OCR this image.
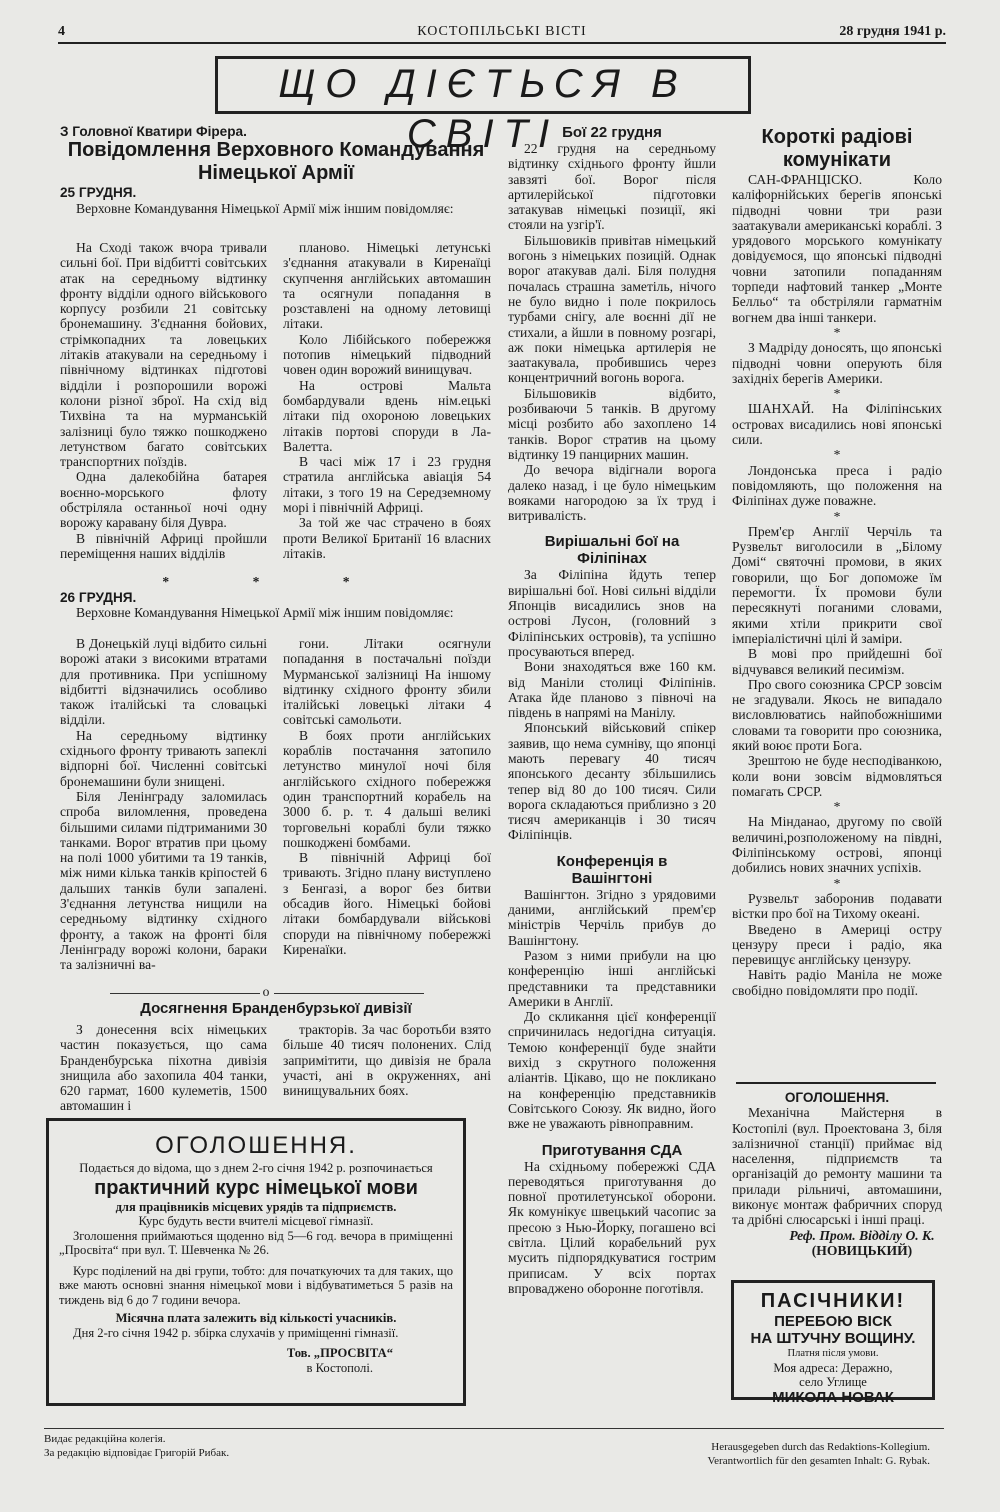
4	КОСТОПІЛЬСЬКІ ВІСТІ	28 грудня 1941 р.
ЩО ДІЄТЬСЯ В СВІТІ
З Головної Кватири Фірера.
Повідомлення Верховного Командування Німецької Армії
25 ГРУДНЯ.

Верховне Командування Німецької Армії між іншим повідомляє:

На Сході також вчора тривали сильні бої. При відбитті совітських атак на середньому відтинку фронту відділи одного військового корпусу розбили 21 совітську бронемашину. З'єднання бойових, стрімкопадних та ловецьких літаків атакували на середньому і північному відтинках підготові відділи і розпорошили ворожі колони різної зброї. На схід від Тихвіна та на мурманській залізниці було тяжко пошкоджено летунством багато совітських транспортних поїздів.

Одна далекобійна батарея воєнно-морського флоту обстріляла останньої ночі одну ворожу каравану біля Дувра.

В північній Африці пройшли переміщення наших відділів

планово. Німецькі летунські з'єднання атакували в Киренаїці скупчення англійських автомашин та осягнули попадання в розставлені на одному летовищі літаки.

Коло Лібійського побережжя потопив німецький підводний човен один ворожий винищувач.

На острові Мальта бомбардували вдень нім.ецькі літаки під охороною ловецьких літаків портові споруди в Ла-Валетта.

В часі між 17 і 23 грудня стратила англійська авіація 54 літаки, з того 19 на Середземному морі і північній Африці.

За той же час страчено в боях проти Великої Британії 16 власних літаків.

* * *
26 ГРУДНЯ.

Верховне Командування Німецької Армії між іншим повідомляє:

В Донецькій луці відбито сильні ворожі атаки з високими втратами для противника. При успішному відбитті відзначились особливо також італійські та словацькі відділи.

На середньому відтинку східнього фронту тривають запеклі відпорні бої. Численні совітські бронемашини були знищені.

Біля Ленінграду заломилась спроба виломлення, проведена більшими силами підтриманими 30 танками. Ворог втратив при цьому на полі 1000 убитими та 19 танків, між ними кілька танків кріпостей 6 дальших танків були запалені. З'єднання летунства нищили на середньому відтинку східного фронту, а також на фронті біля Ленінграду ворожі колони, бараки та залізничні ва-

гони. Літаки осягнули попадання в постачальні поїзди Мурманської залізниці На іншому відтинку східного фронту збили італійські ловецькі літаки 4 совітські самольоти.

В боях проти англійських кораблів постачання затопило летунство минулої ночі біля англійського східного побережжя один транспортний корабель на 3000 б. р. т. 4 дальші великі торговельні кораблі були тяжко пошкоджені бомбами.

В північній Африці бої тривають. Згідно плану виступлено з Бенгазі, а ворог без битви обсадив його. Німецькі бойові літаки бомбардували військові споруди на північному побережжі Киренаїки.

o
Досягнення Бранденбурзької дивізії

З донесення всіх німецьких частин показується, що сама Бранденбурська піхотна дивізія знищила або захопила 404 танки, 620 гармат, 1600 кулеметів, 1500 автомашин і

тракторів. За час боротьби взято більше 40 тисяч полонених. Слід запримітити, що дивізія не брала участі, ані в окруженнях, ані винищувальних боях.

ОГОЛОШЕННЯ.

Подається до відома, що з днем 2-го січня 1942 р. розпочинається

практичний курс німецької мови

для працівників місцевих урядів та підприємств.

Курс будуть вести вчителі місцевої гімназії.

Зголошення приймаються щоденно від 5—6 год. вечора в приміщенні „Просвіта“ при вул. Т. Шевченка № 26.

Курс поділений на дві групи, тобто: для початкуючих та для таких, що вже мають основні знання німецької мови і відбуватиметься 5 разів на тиждень від 6 до 7 години вечора.

Місячна плата залежить від кількості учасників.

Дня 2-го січня 1942 р. збірка слухачів у приміщенні гімназії.

Тов. „ПРОСВІТА“

в Костополі.

Бої 22 грудня

22 грудня на середньому відтинку східнього фронту йшли завзяті бої. Ворог після артилерійської підготовки затакував німецькі позиції, які стояли на узгір'ї.

Більшовиків привітав німецький вогонь з німецьких позицій. Однак ворог атакував далі. Біля полудня почалась страшна заметіль, нічого не було видно і поле покрилось турбами снігу, але воєнні дії не стихали, а йшли в повному розгарі, аж поки німецька артилерія не заатакувала, пробившись через концентричний вогонь ворога.

Більшовиків відбито, розбиваючи 5 танків. В другому місці розбито або захоплено 14 танків. Ворог стратив на цьому відтинку 19 панцирних машин.

До вечора відігнали ворога далеко назад, і це було німецьким вояками нагородою за їх труд і витривалість.

Вирішальні бої на Філіпінах

За Філіпіна йдуть тепер вирішальні бої. Нові сильні відділи Японців висадились знов на острові Лусон, (головний з Філіпінських островів), та успішно просуваються вперед.

Вони знаходяться вже 160 км. від Маніли столиці Філіпінів. Атака йде планово з півночі на південь в напрямі на Манілу.

Японський військовий спікер заявив, що нема сумніву, що японці мають перевагу 40 тисяч японського десанту збільшились тепер від 80 до 100 тисяч. Сили ворога складаються приблизно з 20 тисяч американців і 30 тисяч Філіпінців.

Конференція в Вашінгтоні

Вашінгтон. Згідно з урядовими даними, англійський прем'єр міністрів Черчіль прибув до Вашінгтону.

Разом з ними прибули на цю конференцію інші англійські представники та представники Америки в Англії.

До скликання цієї конференції спричинилась недогідна ситуація. Темою конференції буде знайти вихід з скрутного положення аліантів. Цікаво, що не покликано на конференцію представників Совітського Союзу. Як видно, його вже не уважають рівноправним.

Приготування СДА

На східньому побережжі СДА переводяться приготування до повної протилетунської оборони. Як комунікує швецький часопис за пресою з Нью-Йорку, погашено всі світла. Цілий корабельний рух мусить підпорядкуватися гострим приписам. У всіх портах впроваджено оборонне поготівля.

Короткі радіові комунікати

САН-ФРАНЦІСКО. Коло каліфорнійських берегів японські підводні човни три рази заатакували американські кораблі. З урядового морського комунікату довідуємося, що японські підводні човни затопили попаданням торпеди нафтовий танкер „Монте Белльо“ та обстріляли гарматнім вогнем два інші танкери.

*

З Мадріду доносять, що японські підводні човни оперують біля західніх берегів Америки.

*

ШАНХАЙ. На Філіпінських островах висадились нові японські сили.

*

Лондонська преса і радіо повідомляють, що положення на Філіпінах дуже поважне.

*

Прем'єр Англії Черчіль та Рузвельт виголосили в „Білому Домі“ святочні промови, в яких говорили, що Бог допоможе їм перемогти. Їх промови були пересякнуті поганими словами, якими хтіли прикрити свої імперіалістичні цілі й заміри.

В мові про прийдешні бої відчувався великий песимізм.

Про свого союзника СРСР зовсім не згадували. Якось не випадало висловлюватись найпобожнішими словами та говорити про союзника, який воює проти Бога.

Зрештою не буде несподіванкою, коли вони зовсім відмовляться помагать СРСР.

*

На Мінданао, другому по своїй величині,розположеному на півдні, Філіпінському острові, японці добились нових значних успіхів.

*

Рузвельт заборонив подавати вістки про бої на Тихому океані.

Введено в Америці остру цензуру преси і радіо, яка перевищує англійську цензуру.

Навіть радіо Маніла не може свобідно повідомляти про події.

ОГОЛОШЕННЯ.

Механічна Майстерня в Костопілі (вул. Проектована 3, біля залізничної станції) приймає від населення, підприємств та організацій до ремонту машини та прилади рільничі, автомашини, виконує монтаж фабричних споруд та дрібні слюсарські і інші праці.

Реф. Пром. Відділу О. К.
(НОВИЦЬКИЙ)
ПАСІЧНИКИ!
ПЕРЕБОЮ ВІСК
НА ШТУЧНУ ВОЩИНУ.
Платня після умови.
Моя адреса: Деражно,
село Углище
МИКОЛА НОВАК
Видає редакційна колегія.
За редакцію відповідає Григорій Рибак.	Herausgegeben durch das Redaktions-Kollegium.
Verantwortlich für den gesamten Inhalt: G. Rybak.
